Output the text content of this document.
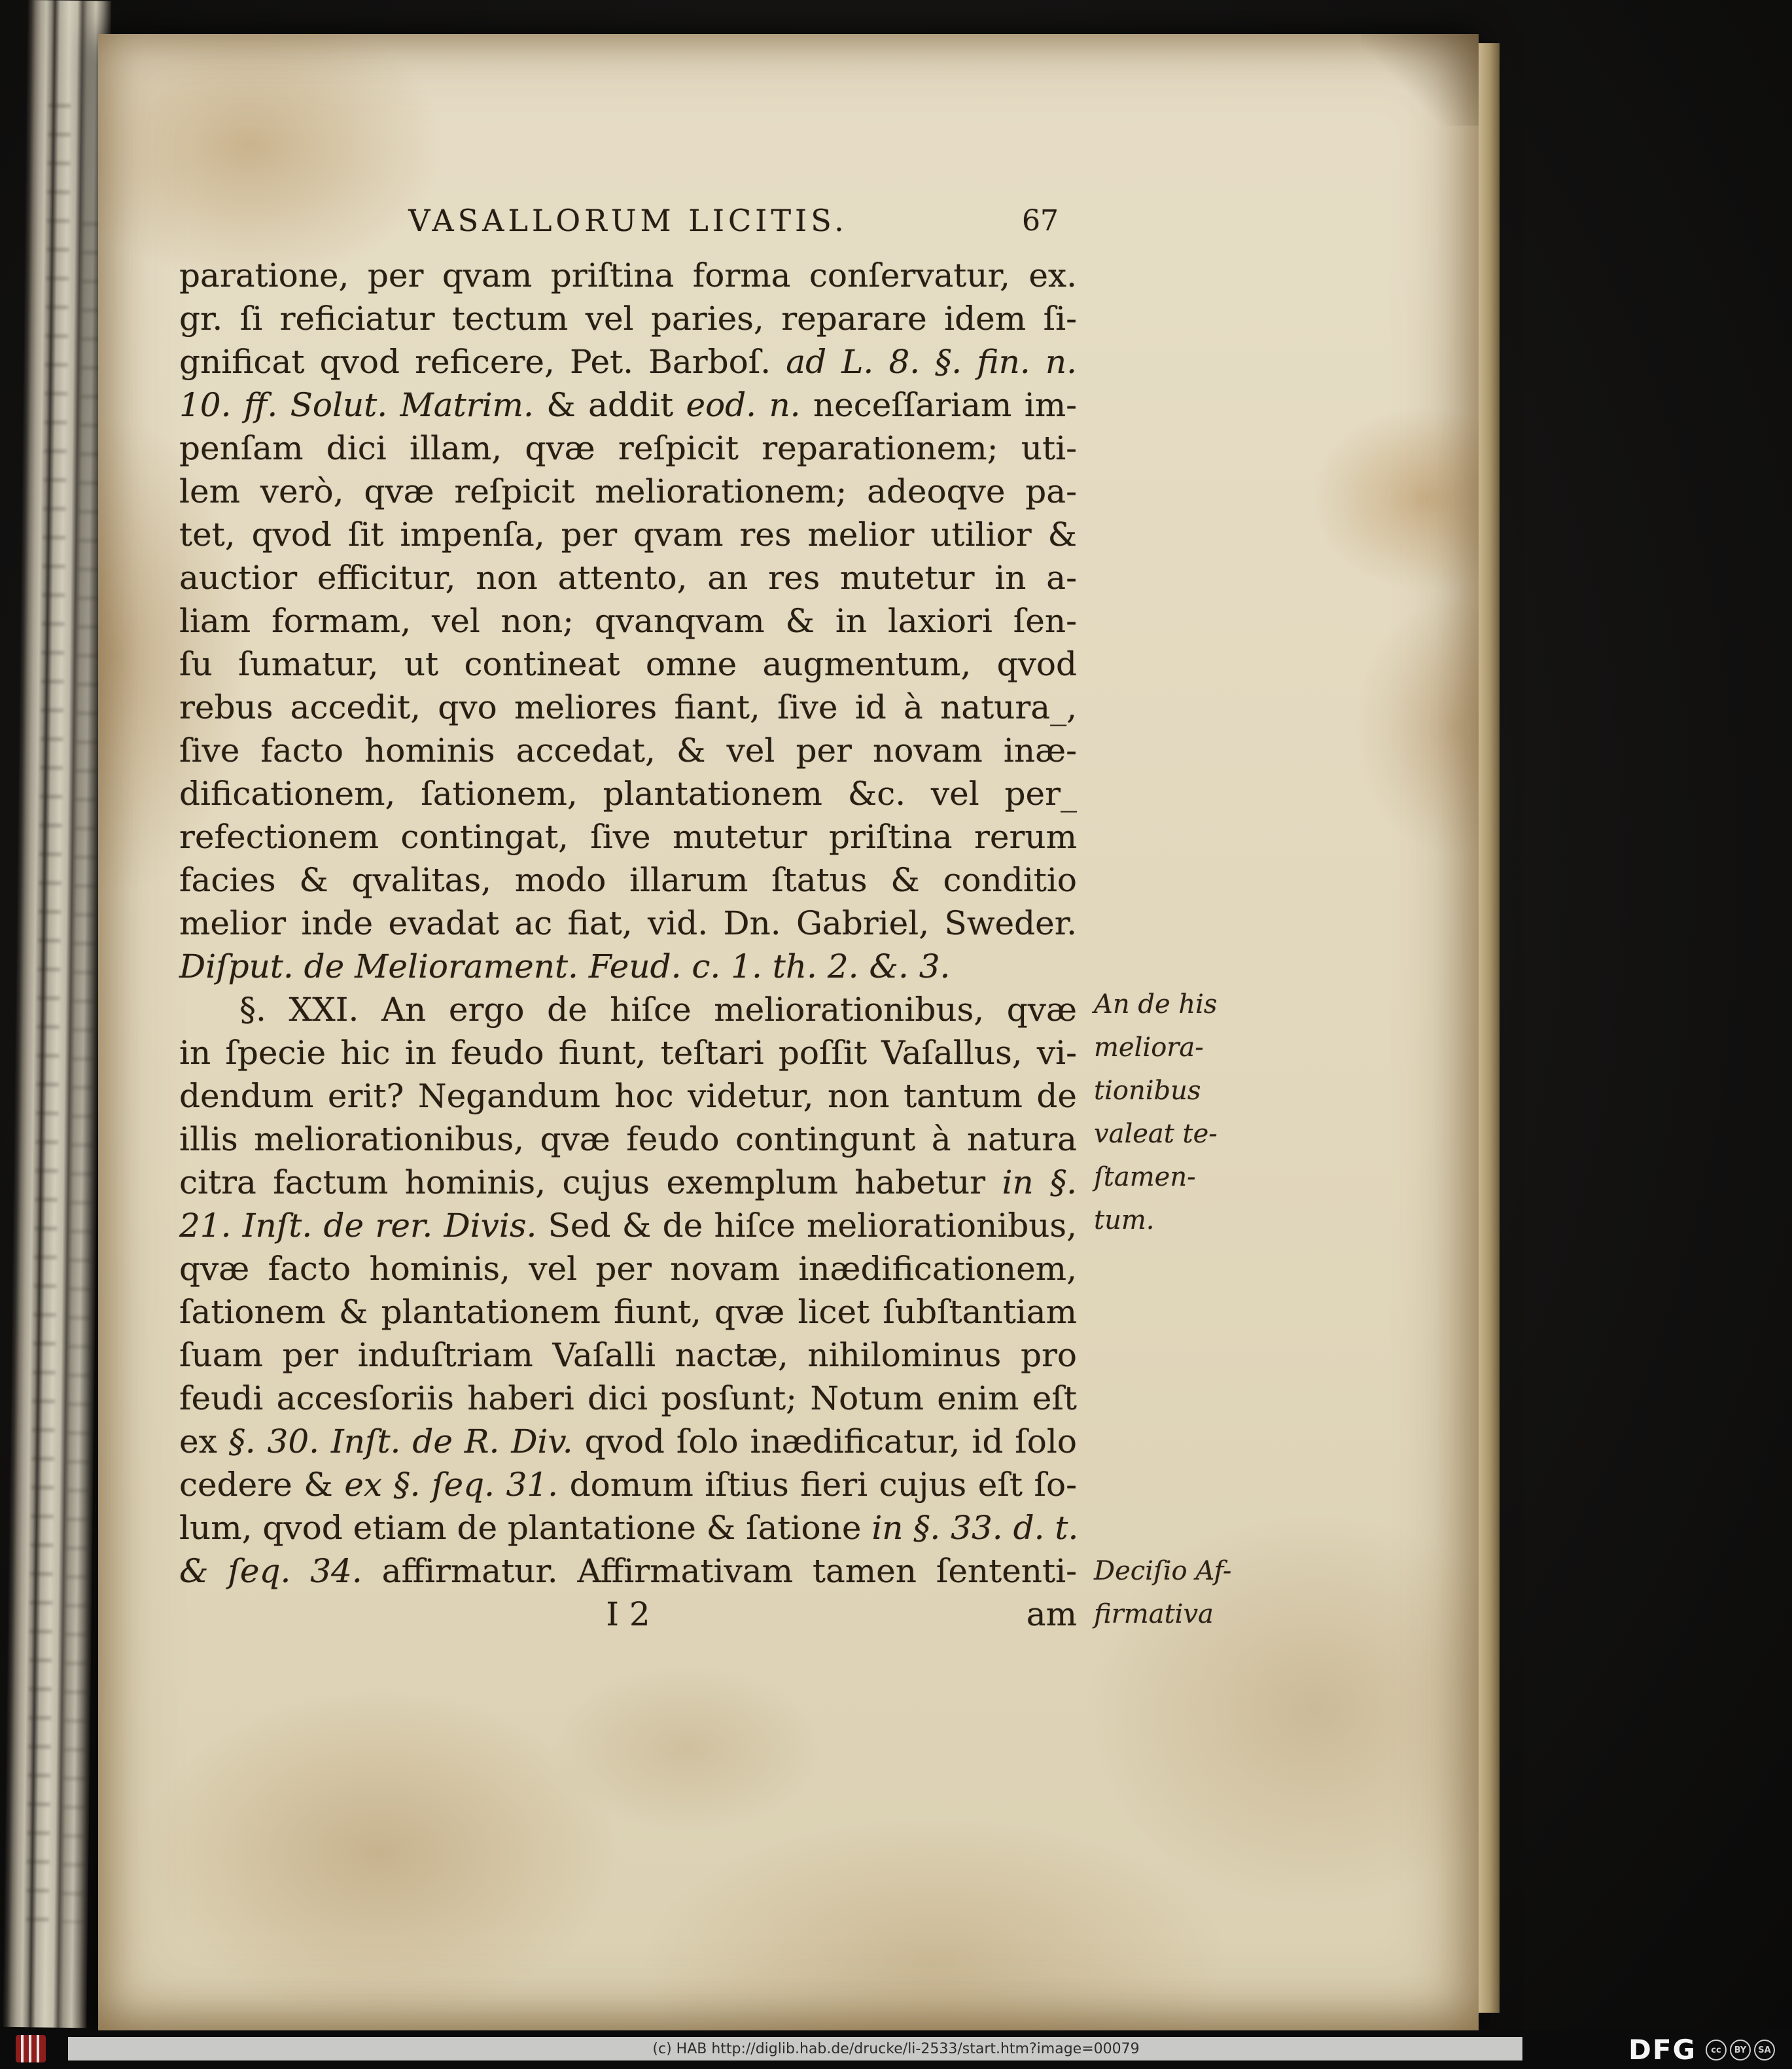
VASALLORUM LICITIS.	67
paratione, per qvam priſtina forma conſervatur, ex.
gr. ſi reficiatur tectum vel paries, reparare idem ſi-
gnificat qvod reficere, Pet. Barboſ. ad L. 8. §. fin. n.
10. ff. Solut. Matrim. & addit eod. n. neceſſariam im-
penſam dici illam, qvæ reſpicit reparationem; uti-
lem verò, qvæ reſpicit meliorationem; adeoqve pa-
tet, qvod ſit impenſa, per qvam res melior utilior &
auctior efficitur, non attento, an res mutetur in a-
liam formam, vel non; qvanqvam & in laxiori ſen-
ſu ſumatur, ut contineat omne augmentum, qvod
rebus accedit, qvo meliores fiant, ſive id à natura_,
ſive facto hominis accedat, & vel per novam inæ-
dificationem, ſationem, plantationem &c. vel per_
refectionem contingat, ſive mutetur priſtina rerum
facies & qvalitas, modo illarum ſtatus & conditio
melior inde evadat ac fiat, vid. Dn. Gabriel, Sweder.
Diſput. de Meliorament. Feud. c. 1. th. 2. &. 3.
§. XXI. An ergo de hiſce meliorationibus, qvæ
in ſpecie hic in feudo fiunt, teſtari poſſit Vaſallus, vi-
dendum erit? Negandum hoc videtur, non tantum de
illis meliorationibus, qvæ feudo contingunt à natura
citra factum hominis, cujus exemplum habetur in §.
21. Inſt. de rer. Divis. Sed & de hiſce meliorationibus,
qvæ facto hominis, vel per novam inædificationem,
ſationem & plantationem fiunt, qvæ licet ſubſtantiam
ſuam per induſtriam Vaſalli nactæ, nihilominus pro
feudi accesſoriis haberi dici posſunt; Notum enim eſt
ex §. 30. Inſt. de R. Div. qvod ſolo inædificatur, id ſolo
cedere & ex §. ſeq. 31. domum iſtius fieri cujus eſt ſo-
lum, qvod etiam de plantatione & ſatione in §. 33. d. t.
& ſeq. 34. affirmatur. Affirmativam tamen ſententi-
I 2	am
An de his
meliora-
tionibus
valeat te-
ſtamen-
tum.
Deciſio Af-
firmativa
(c) HAB http://diglib.hab.de/drucke/li-2533/start.htm?image=00079	DFG	cc	BY	SA
